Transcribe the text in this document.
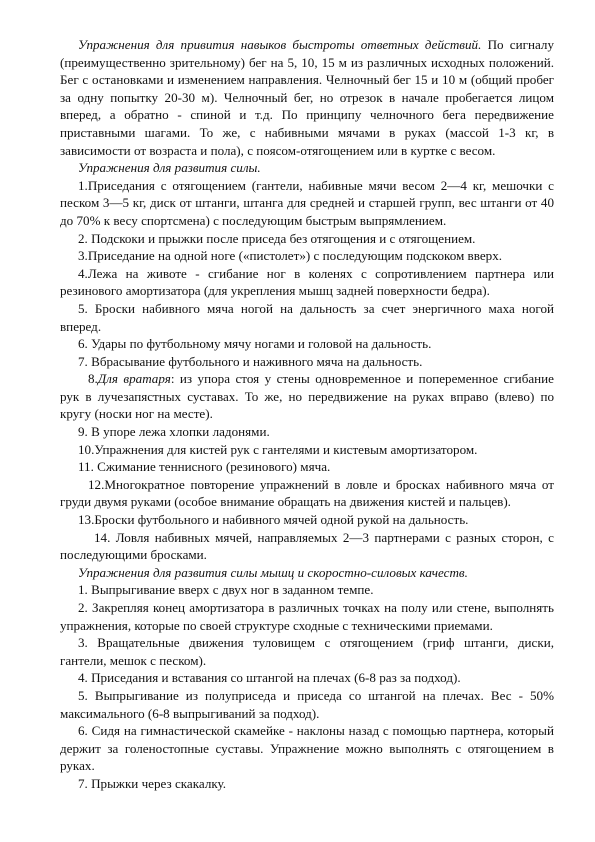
Упражнения для привития навыков быстроты ответных действий. По сигналу (преимущественно зрительному) бег на 5, 10, 15 м из различных исходных положений. Бег с остановками и изменением направления. Челночный бег 15 и 10 м (общий пробег за одну попытку 20-30 м). Челночный бег, но отрезок в начале пробегается лицом вперед, а обратно - спиной и т.д. По принципу челночного бега передвижение приставными шагами. То же, с набивными мячами в руках (массой 1-3 кг, в зависимости от возраста и пола), с поясом-отягощением или в куртке с весом.

Упражнения для развития силы.

1.Приседания с отягощением (гантели, набивные мячи весом 2—4 кг, мешочки с песком 3—5 кг, диск от штанги, штанга для средней и старшей групп, вес штанги от 40 до 70% к весу спортсмена) с последующим быстрым выпрямлением.

2. Подскоки и прыжки после приседа без отягощения и с отягощением.

3.Приседание на одной ноге («пистолет») с последующим подскоком вверх.

4.Лежа на животе - сгибание ног в коленях с сопротивлением партнера или резинового амортизатора (для укрепления мышц задней поверхности бедра).

5. Броски набивного мяча ногой на дальность за счет энергичного маха ногой вперед.

6. Удары по футбольному мячу ногами и головой на дальность.

7. Вбрасывание футбольного и наживного мяча на дальность.

8.Для вратаря: из упора стоя у стены одновременное и попеременное сгибание рук в лучезапястных суставах. То же, но передвижение на руках вправо (влево) по кругу (носки ног на месте).

9. В упоре лежа хлопки ладонями.

10.Упражнения для кистей рук с гантелями и кистевым амортизатором.

11. Сжимание теннисного (резинового) мяча.

12.Многократное повторение упражнений в ловле и бросках набивного мяча от груди двумя руками (особое внимание обращать на движения кистей и пальцев).

13.Броски футбольного и набивного мячей одной рукой на дальность.

14. Ловля набивных мячей, направляемых 2—3 партнерами с разных сторон, с последующими бросками.

Упражнения для развития силы мышц и скоростно-силовых качеств.

1. Выпрыгивание вверх с двух ног в заданном темпе.

2. Закрепляя конец амортизатора в различных точках на полу или стене, выполнять упражнения, которые по своей структуре сходные с техническими приемами.

3. Вращательные движения туловищем с отягощением (гриф штанги, диски, гантели, мешок с песком).

4. Приседания и вставания со штангой на плечах (6-8 раз за подход).

5. Выпрыгивание из полуприседа и приседа со штангой на плечах. Вес - 50% максимального (6-8 выпрыгиваний за подход).

6. Сидя на гимнастической скамейке - наклоны назад с помощью партнера, который держит за голеностопные суставы. Упражнение можно выполнять с отягощением в руках.

7. Прыжки через скакалку.
